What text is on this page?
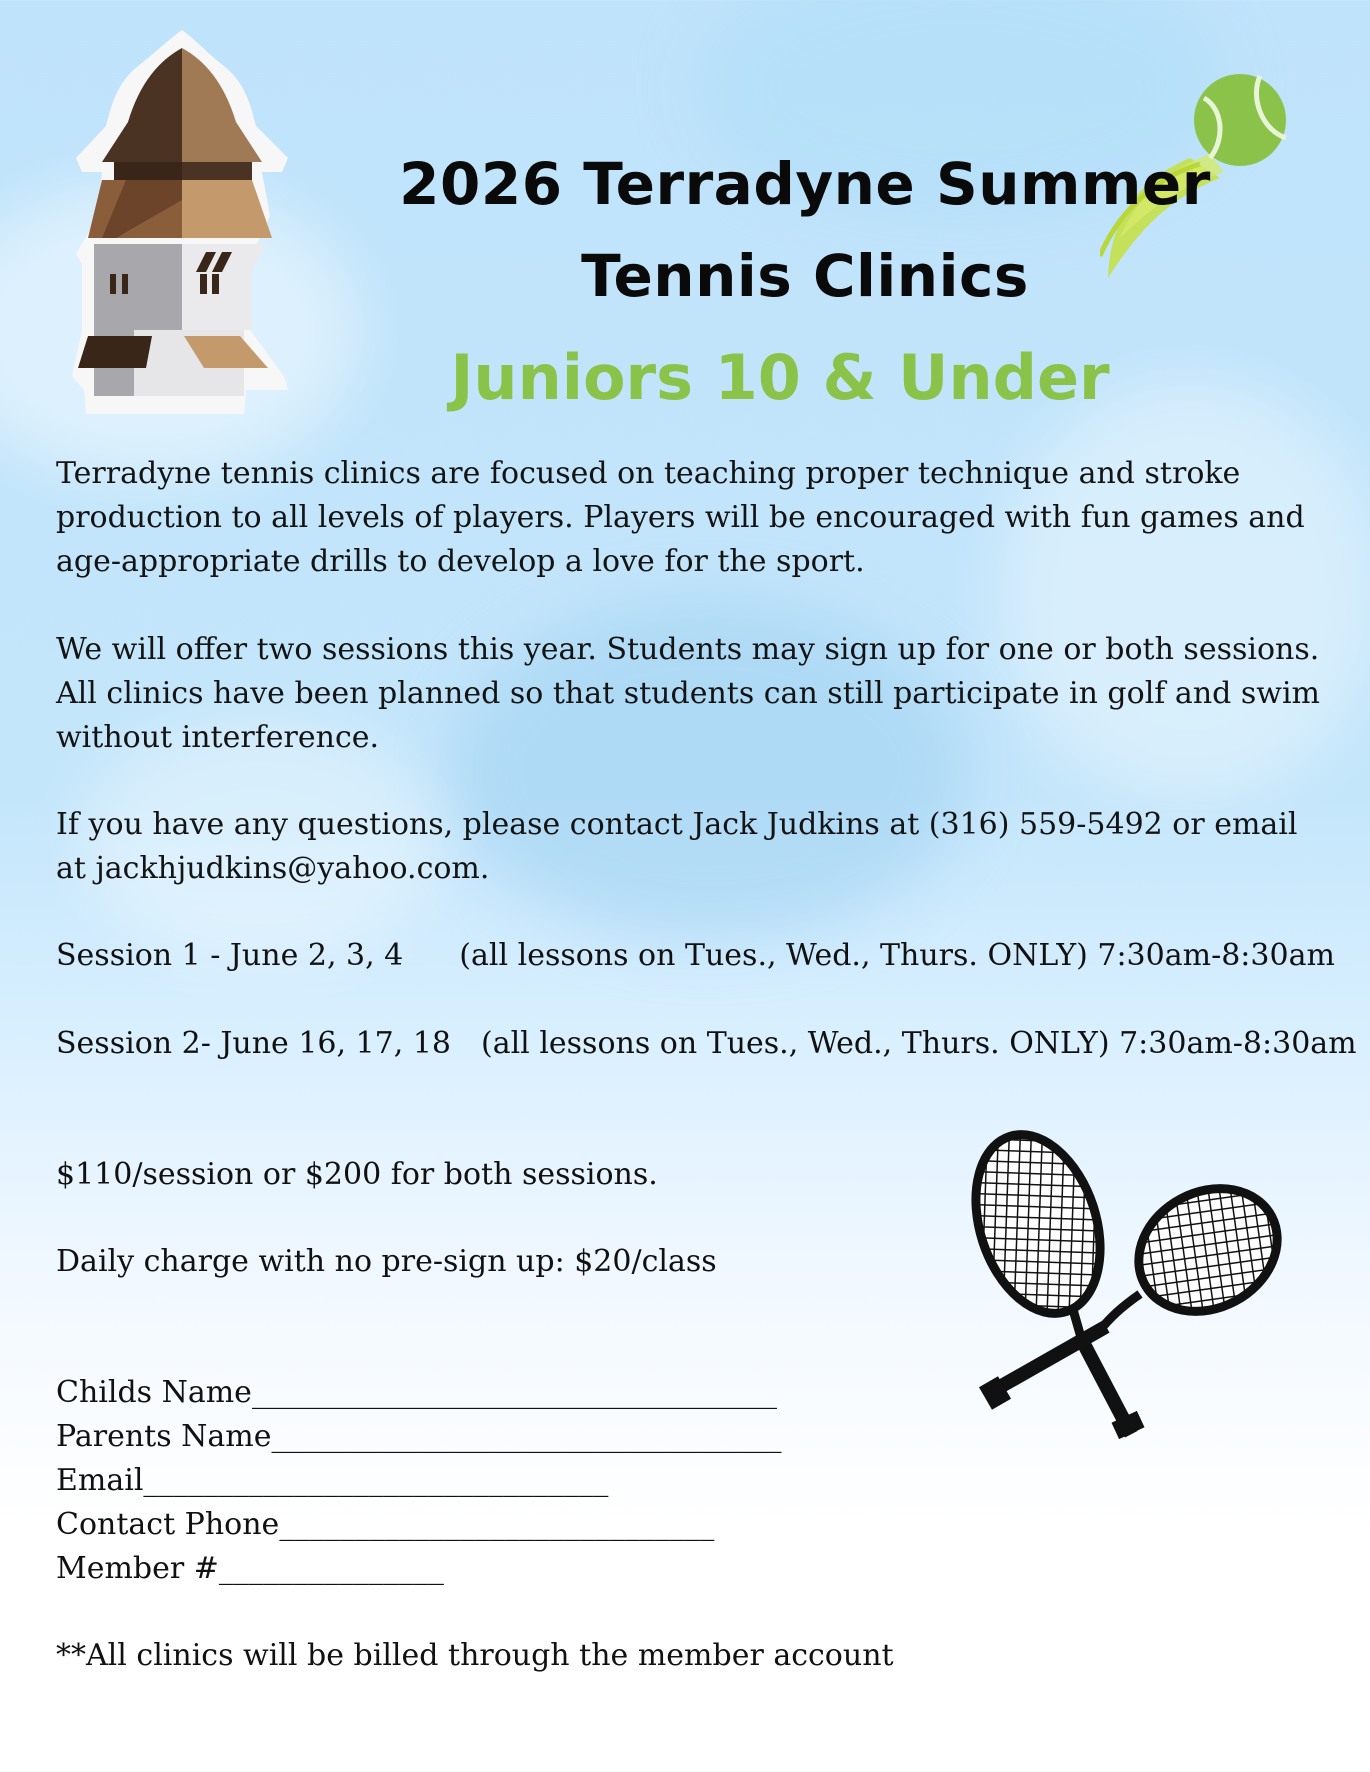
2026 Terradyne Summer
Tennis Clinics
Juniors 10 & Under

Terradyne tennis clinics are focused on teaching proper technique and stroke production to all levels of players. Players will be encouraged with fun games and age-appropriate drills to develop a love for the sport.

We will offer two sessions this year. Students may sign up for one or both sessions. All clinics have been planned so that students can still participate in golf and swim without interference.

If you have any questions, please contact Jack Judkins at (316) 559-5492 or email at jackhjudkins@yahoo.com.

Session 1 - June 2, 3, 4 (all lessons on Tues., Wed., Thurs. ONLY) 7:30am-8:30am

Session 2- June 16, 17, 18 (all lessons on Tues., Wed., Thurs. ONLY) 7:30am-8:30am

$110/session or $200 for both sessions.

Daily charge with no pre-sign up: $20/class

Childs Name___________________________________

Parents Name__________________________________

Email_______________________________

Contact Phone_____________________________

Member #_______________

**All clinics will be billed through the member account
